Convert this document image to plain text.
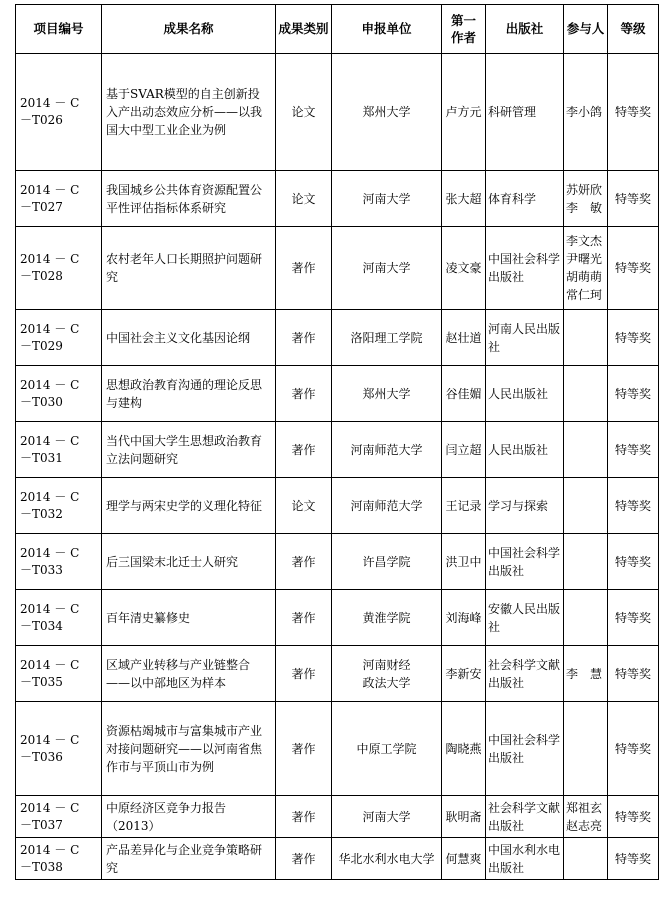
项目编号	成果名称	成果类别	申报单位	第一
作者	出版社	参与人	等级

2014 － C
－T026	基于SVAR模型的自主创新投入产出动态效应分析——以我国大中型工业企业为例	论文	郑州大学	卢方元	科研管理	李小鸽	特等奖

2014 － C
－T027	我国城乡公共体育资源配置公平性评估指标体系研究	论文	河南大学	张大超	体育科学	苏妍欣
李　敏	特等奖

2014 － C
－T028	农村老年人口长期照护问题研究	著作	河南大学	凌文豪	中国社会科学出版社	李文杰
尹曙光
胡萌萌
常仁珂	特等奖

2014 － C
－T029	中国社会主义文化基因论纲	著作	洛阳理工学院	赵壮道	河南人民出版社		特等奖

2014 － C
－T030	思想政治教育沟通的理论反思与建构	著作	郑州大学	谷佳媚	人民出版社		特等奖

2014 － C
－T031	当代中国大学生思想政治教育立法问题研究	著作	河南师范大学	闫立超	人民出版社		特等奖

2014 － C
－T032	理学与两宋史学的义理化特征	论文	河南师范大学	王记录	学习与探索		特等奖

2014 － C
－T033	后三国梁末北迁士人研究	著作	许昌学院	洪卫中	中国社会科学出版社		特等奖

2014 － C
－T034	百年清史纂修史	著作	黄淮学院	刘海峰	安徽人民出版社		特等奖

2014 － C
－T035	区域产业转移与产业链整合——以中部地区为样本	著作	河南财经
政法大学	李新安	社会科学文献出版社	李　慧	特等奖

2014 － C
－T036	资源枯竭城市与富集城市产业对接问题研究——以河南省焦作市与平顶山市为例	著作	中原工学院	陶晓燕	中国社会科学出版社		特等奖

2014 － C
－T037	中原经济区竞争力报告（2013）	著作	河南大学	耿明斋	社会科学文献出版社	郑祖玄
赵志亮	特等奖

2014 － C
－T038	产品差异化与企业竞争策略研究	著作	华北水利水电大学	何慧爽	中国水利水电出版社		特等奖
